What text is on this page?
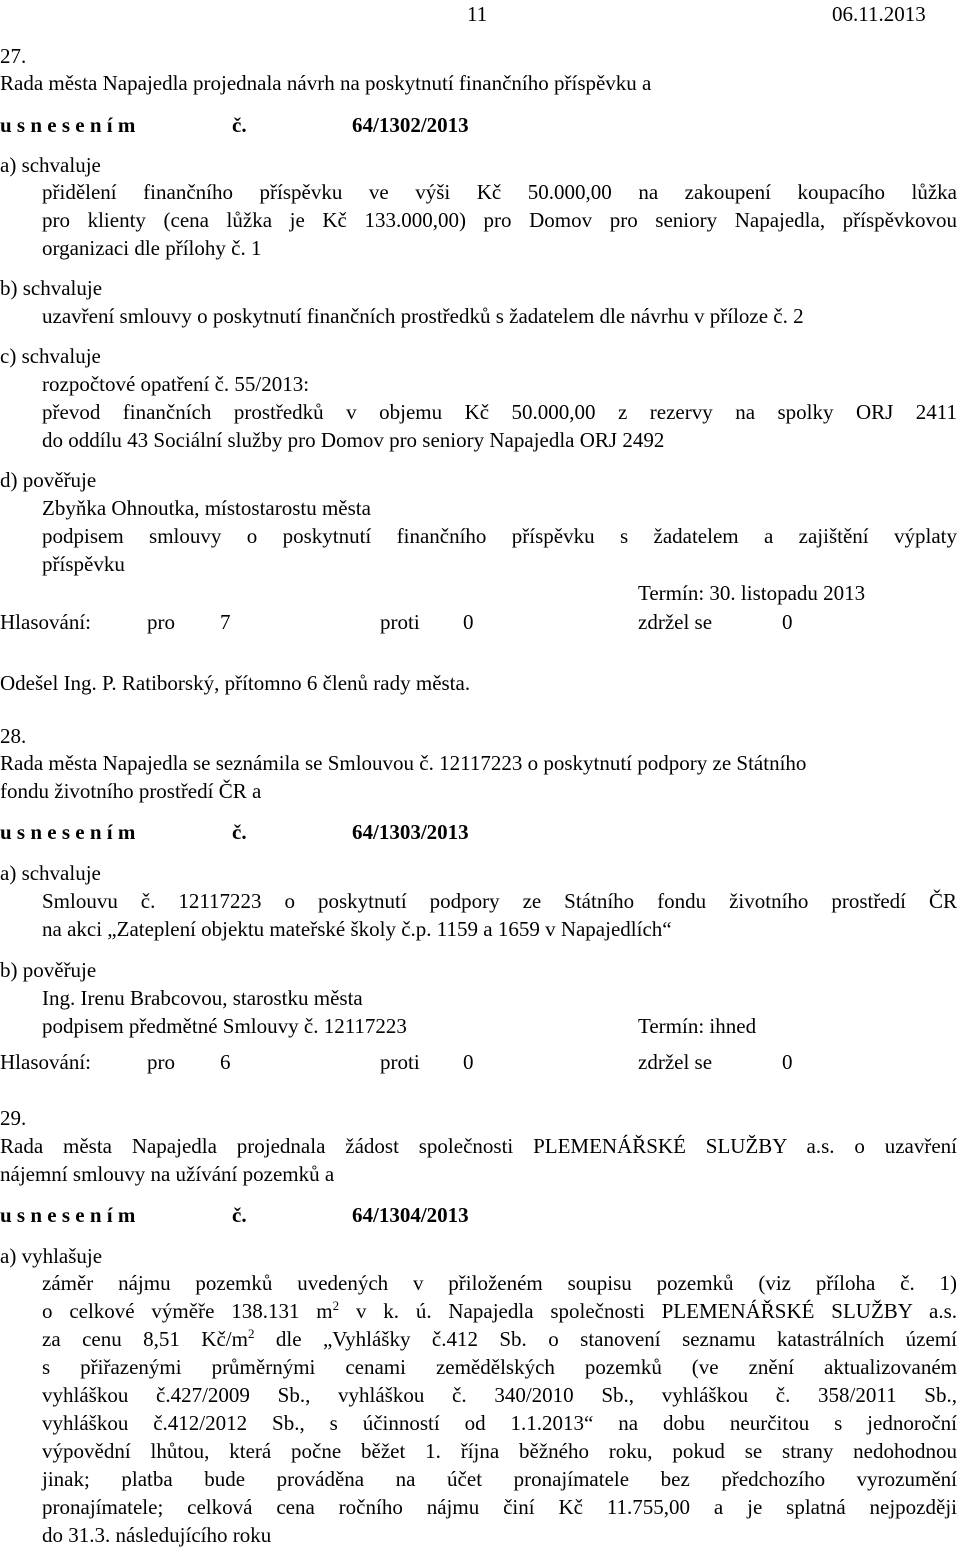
11	06.11.2013
27.
Rada města Napajedla projednala návrh na poskytnutí finančního příspěvku a
u s n e s e n í m	č.	64/1302/2013
a) schvaluje
přidělení finančního příspěvku ve výši Kč 50.000,00 na zakoupení koupacího lůžka
pro klienty (cena lůžka je Kč 133.000,00) pro Domov pro seniory Napajedla, příspěvkovou
organizaci dle přílohy č. 1
b) schvaluje
uzavření smlouvy o poskytnutí finančních prostředků s žadatelem dle návrhu v příloze č. 2
c) schvaluje
rozpočtové opatření č. 55/2013:
převod finančních prostředků v objemu Kč 50.000,00 z rezervy na spolky ORJ 2411
do oddílu 43 Sociální služby pro Domov pro seniory Napajedla ORJ 2492
d) pověřuje
Zbyňka Ohnoutka, místostarostu města
podpisem smlouvy o poskytnutí finančního příspěvku s žadatelem a zajištění výplaty
příspěvku
Termín: 30. listopadu 2013
Hlasování:	pro 7	proti 0	zdržel se	0
Odešel Ing. P. Ratiborský, přítomno 6 členů rady města.
28.
Rada města Napajedla se seznámila se Smlouvou č. 12117223 o poskytnutí podpory ze Státního
fondu životního prostředí ČR a
u s n e s e n í m	č.	64/1303/2013
a) schvaluje
Smlouvu č. 12117223 o poskytnutí podpory ze Státního fondu životního prostředí ČR
na akci „Zateplení objektu mateřské školy č.p. 1159 a 1659 v Napajedlích“
b) pověřuje
Ing. Irenu Brabcovou, starostku města
podpisem předmětné Smlouvy č. 12117223	Termín: ihned
Hlasování:	pro 6	proti 0	zdržel se	0
29.
Rada města Napajedla projednala žádost společnosti PLEMENÁŘSKÉ SLUŽBY a.s. o uzavření
nájemní smlouvy na užívání pozemků a
u s n e s e n í m	č.	64/1304/2013
a) vyhlašuje
záměr nájmu pozemků uvedených v přiloženém soupisu pozemků (viz příloha č. 1)
o celkové výměře 138.131 $m^2$ v k. ú. Napajedla společnosti PLEMENÁŘSKÉ SLUŽBY a.s.
za cenu 8,51 $Kč/m^2$ dle „Vyhlášky č.412 Sb. o stanovení seznamu katastrálních území
s přiřazenými průměrnými cenami zemědělských pozemků (ve znění aktualizovaném
vyhláškou č.427/2009 Sb., vyhláškou č. 340/2010 Sb., vyhláškou č. 358/2011 Sb.,
vyhláškou č.412/2012 Sb., s účinností od 1.1.2013“ na dobu neurčitou s jednoroční
výpovědní lhůtou, která počne běžet 1. října běžného roku, pokud se strany nedohodnou
jinak; platba bude prováděna na účet pronajímatele bez předchozího vyrozumění
pronajímatele; celková cena ročního nájmu činí Kč 11.755,00 a je splatná nejpozději
do 31.3. následujícího roku
